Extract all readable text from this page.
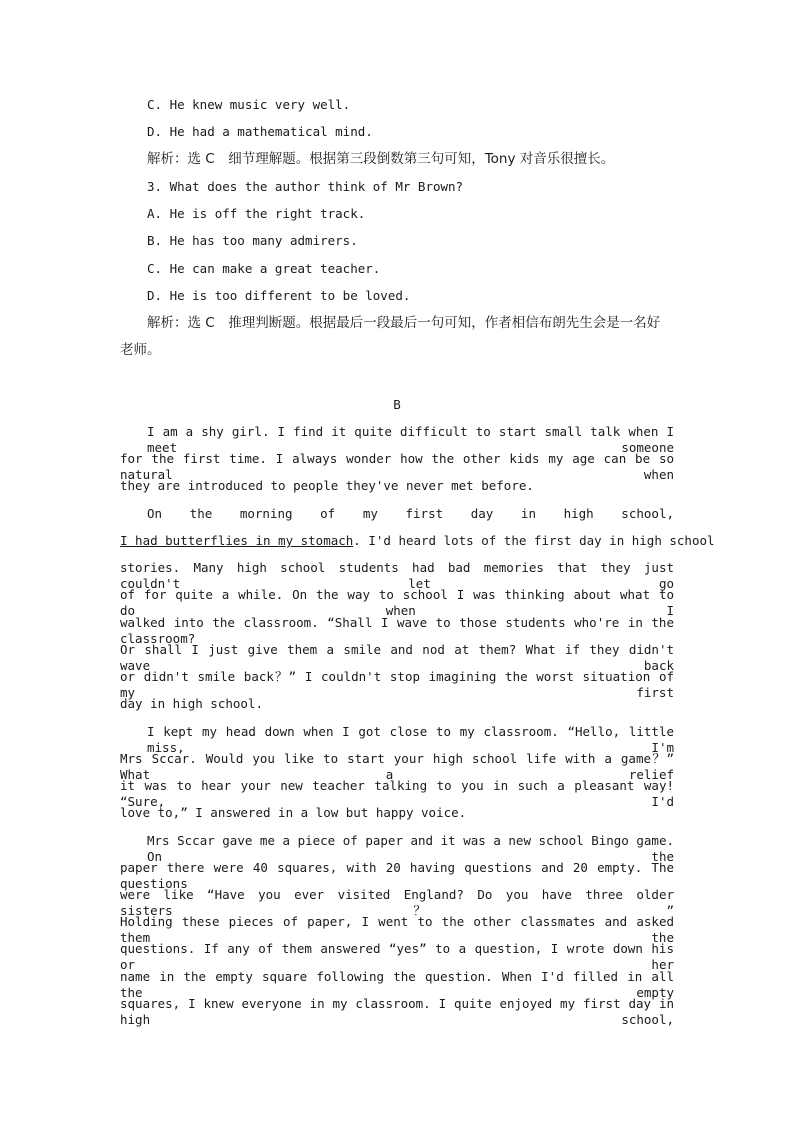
C. He knew music very well.
D. He had a mathematical mind.
解析：选 C　细节理解题。根据第三段倒数第三句可知，Tony 对音乐很擅长。
3. What does the author think of Mr Brown?
A. He is off the right track.
B. He has too many admirers.
C. He can make a great teacher.
D. He is too different to be loved.
解析：选 C　推理判断题。根据最后一段最后一句可知，作者相信布朗先生会是一名好
老师。
B
I am a shy girl. I find it quite difficult to start small talk when I meet someone
for the first time. I always wonder how the other kids my age can be so natural when
they are introduced to people they've never met before.
On the morning of my first day in high school,
I had butterflies in my stomach. I'd heard lots of the first day in high school
stories. Many high school students had bad memories that they just couldn't let go
of for quite a while. On the way to school I was thinking about what to do when I
walked into the classroom. “Shall I wave to those students who're in the classroom?
Or shall I just give them a smile and nod at them? What if they didn't wave back
or didn't smile back？” I couldn't stop imagining the worst situation of my first
day in high school.
I kept my head down when I got close to my classroom. “Hello, little miss, I'm
Mrs Sccar. Would you like to start your high school life with a game？” What a relief
it was to hear your new teacher talking to you in such a pleasant way! “Sure, I'd
love to,” I answered in a low but happy voice.
Mrs Sccar gave me a piece of paper and it was a new school Bingo game. On the
paper there were 40 squares, with 20 having questions and 20 empty. The questions
were like “Have you ever visited England? Do you have three older sisters？”
Holding these pieces of paper, I went to the other classmates and asked them the
questions. If any of them answered “yes” to a question, I wrote down his or her
name in the empty square following the question. When I'd filled in all the empty
squares, I knew everyone in my classroom. I quite enjoyed my first day in high school,
